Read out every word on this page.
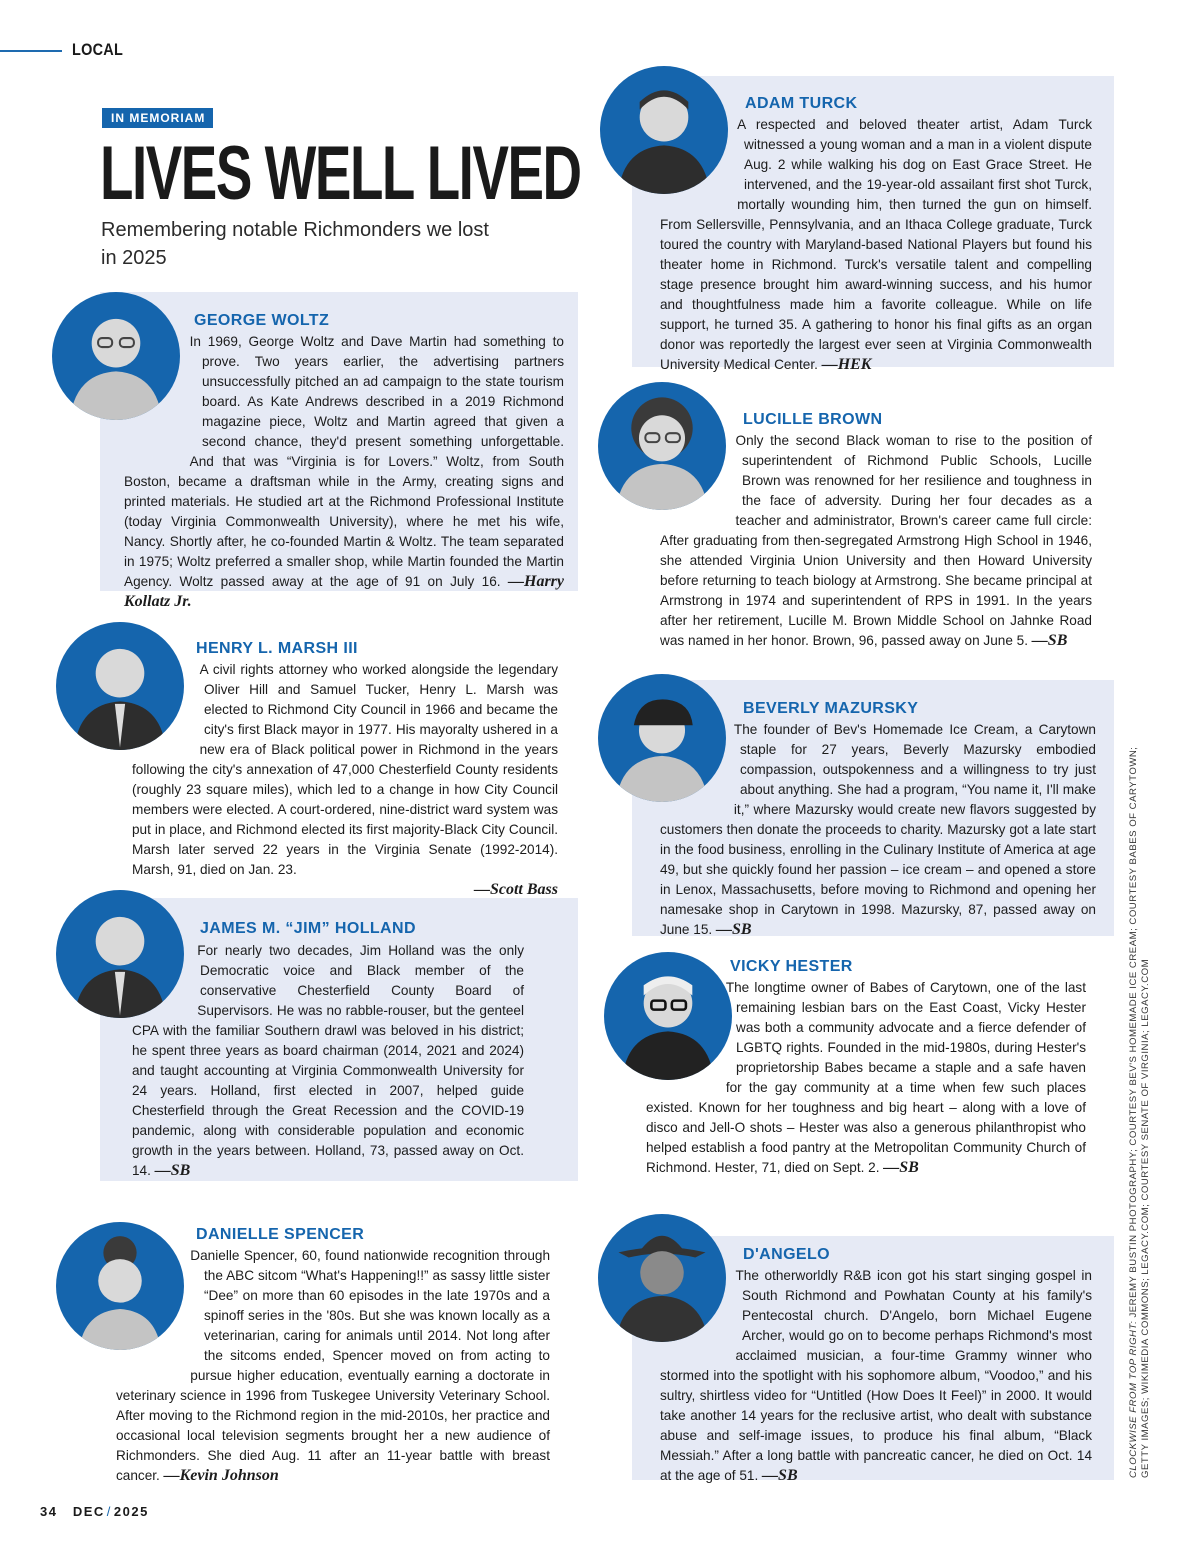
LOCAL
IN MEMORIAM
LIVES WELL LIVED

Remembering notable Richmonders we lost in 2025

GEORGE WOLTZ

In 1969, George Woltz and Dave Martin had something to prove. Two years earlier, the advertising partners unsuccessfully pitched an ad campaign to the state tourism board. As Kate Andrews described in a 2019 Richmond magazine piece, Woltz and Martin agreed that given a second chance, they'd present something unforgettable. And that was “Virginia is for Lovers.” Woltz, from South Boston, became a draftsman while in the Army, creating signs and printed materials. He studied art at the Richmond Professional Institute (today Virginia Commonwealth University), where he met his wife, Nancy. Shortly after, he co-founded Martin & Woltz. The team separated in 1975; Woltz preferred a smaller shop, while Martin founded the Martin Agency. Woltz passed away at the age of 91 on July 16. —Harry Kollatz Jr.

HENRY L. MARSH III

A civil rights attorney who worked alongside the legendary Oliver Hill and Samuel Tucker, Henry L. Marsh was elected to Richmond City Council in 1966 and became the city's first Black mayor in 1977. His mayoralty ushered in a new era of Black political power in Richmond in the years following the city's annexation of 47,000 Chesterfield County residents (roughly 23 square miles), which led to a change in how City Council members were elected. A court-ordered, nine-district ward system was put in place, and Richmond elected its first majority-Black City Council. Marsh later served 22 years in the Virginia Senate (1992-2014). Marsh, 91, died on Jan. 23.
—Scott Bass

JAMES M. “JIM” HOLLAND

For nearly two decades, Jim Holland was the only Democratic voice and Black member of the conservative Chesterfield County Board of Supervisors. He was no rabble-rouser, but the genteel CPA with the familiar Southern drawl was beloved in his district; he spent three years as board chairman (2014, 2021 and 2024) and taught accounting at Virginia Commonwealth University for 24 years. Holland, first elected in 2007, helped guide Chesterfield through the Great Recession and the COVID-19 pandemic, along with considerable population and economic growth in the years between. Holland, 73, passed away on Oct. 14. —SB

DANIELLE SPENCER

Danielle Spencer, 60, found nationwide recognition through the ABC sitcom “What's Happening!!” as sassy little sister “Dee” on more than 60 episodes in the late 1970s and a spinoff series in the '80s. But she was known locally as a veterinarian, caring for animals until 2014. Not long after the sitcoms ended, Spencer moved on from acting to pursue higher education, eventually earning a doctorate in veterinary science in 1996 from Tuskegee University Veterinary School. After moving to the Richmond region in the mid-2010s, her practice and occasional local television segments brought her a new audience of Richmonders. She died Aug. 11 after an 11-year battle with breast cancer. —Kevin Johnson

ADAM TURCK

A respected and beloved theater artist, Adam Turck witnessed a young woman and a man in a violent dispute Aug. 2 while walking his dog on East Grace Street. He intervened, and the 19-year-old assailant first shot Turck, mortally wounding him, then turned the gun on himself. From Sellersville, Pennsylvania, and an Ithaca College graduate, Turck toured the country with Maryland-based National Players but found his theater home in Richmond. Turck's versatile talent and compelling stage presence brought him award-winning success, and his humor and thoughtfulness made him a favorite colleague. While on life support, he turned 35. A gathering to honor his final gifts as an organ donor was reportedly the largest ever seen at Virginia Commonwealth University Medical Center. —HEK

LUCILLE BROWN

Only the second Black woman to rise to the position of superintendent of Richmond Public Schools, Lucille Brown was renowned for her resilience and toughness in the face of adversity. During her four decades as a teacher and administrator, Brown's career came full circle: After graduating from then-segregated Armstrong High School in 1946, she attended Virginia Union University and then Howard University before returning to teach biology at Armstrong. She became principal at Armstrong in 1974 and superintendent of RPS in 1991. In the years after her retirement, Lucille M. Brown Middle School on Jahnke Road was named in her honor. Brown, 96, passed away on June 5. —SB

BEVERLY MAZURSKY

The founder of Bev's Homemade Ice Cream, a Carytown staple for 27 years, Beverly Mazursky embodied compassion, outspokenness and a willingness to try just about anything. She had a program, “You name it, I'll make it,” where Mazursky would create new flavors suggested by customers then donate the proceeds to charity. Mazursky got a late start in the food business, enrolling in the Culinary Institute of America at age 49, but she quickly found her passion – ice cream – and opened a store in Lenox, Massachusetts, before moving to Richmond and opening her namesake shop in Carytown in 1998. Mazursky, 87, passed away on June 15. —SB

VICKY HESTER

The longtime owner of Babes of Carytown, one of the last remaining lesbian bars on the East Coast, Vicky Hester was both a community advocate and a fierce defender of LGBTQ rights. Founded in the mid-1980s, during Hester's proprietorship Babes became a staple and a safe haven for the gay community at a time when few such places existed. Known for her toughness and big heart – along with a love of disco and Jell-O shots – Hester was also a generous philanthropist who helped establish a food pantry at the Metropolitan Community Church of Richmond. Hester, 71, died on Sept. 2. —SB

D'ANGELO

The otherworldly R&B icon got his start singing gospel in South Richmond and Powhatan County at his family's Pentecostal church. D'Angelo, born Michael Eugene Archer, would go on to become perhaps Richmond's most acclaimed musician, a four-time Grammy winner who stormed into the spotlight with his sophomore album, “Voodoo,” and his sultry, shirtless video for “Untitled (How Does It Feel)” in 2000. It would take another 14 years for the reclusive artist, who dealt with substance abuse and self-image issues, to produce his final album, “Black Messiah.” After a long battle with pancreatic cancer, he died on Oct. 14 at the age of 51. —SB

34 DEC / 2025
CLOCKWISE FROM TOP RIGHT: JEREMY BUSTIN PHOTOGRAPHY; COURTESY BEV'S HOMEMADE ICE CREAM; COURTESY BABES OF CARYTOWN; GETTY IMAGES; WIKIMEDIA COMMONS; LEGACY.COM; COURTESY SENATE OF VIRGINIA; LEGACY.COM
